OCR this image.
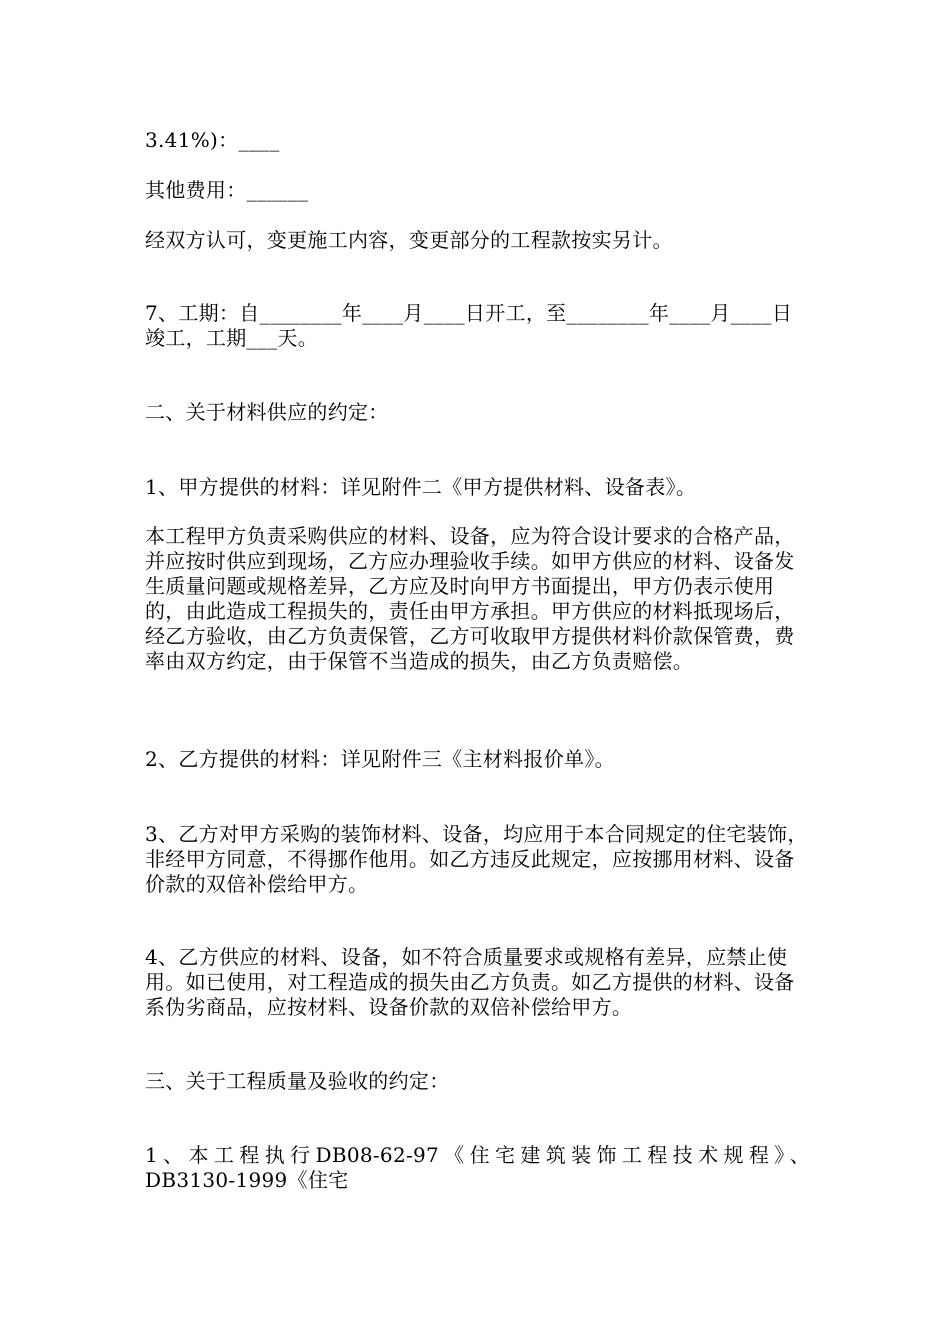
3.41%)：____

其他费用：______

经双方认可，变更施工内容，变更部分的工程款按实另计。

7、工期：自________年____月____日开工，至________年____月____日竣工，工期___天。

二、关于材料供应的约定：

1、甲方提供的材料：详见附件二《甲方提供材料、设备表》。

本工程甲方负责采购供应的材料、设备，应为符合设计要求的合格产品，并应按时供应到现场，乙方应办理验收手续。如甲方供应的材料、设备发生质量问题或规格差异，乙方应及时向甲方书面提出，甲方仍表示使用的，由此造成工程损失的，责任由甲方承担。甲方供应的材料抵现场后，经乙方验收，由乙方负责保管，乙方可收取甲方提供材料价款保管费，费率由双方约定，由于保管不当造成的损失，由乙方负责赔偿。

2、乙方提供的材料：详见附件三《主材料报价单》。

3、乙方对甲方采购的装饰材料、设备，均应用于本合同规定的住宅装饰，非经甲方同意，不得挪作他用。如乙方违反此规定，应按挪用材料、设备价款的双倍补偿给甲方。

4、乙方供应的材料、设备，如不符合质量要求或规格有差异，应禁止使用。如已使用，对工程造成的损失由乙方负责。如乙方提供的材料、设备系伪劣商品，应按材料、设备价款的双倍补偿给甲方。

三、关于工程质量及验收的约定：

1、本工程执行DB08-62-97《住宅建筑装饰工程技术规程》、

DB3130-1999《住宅
